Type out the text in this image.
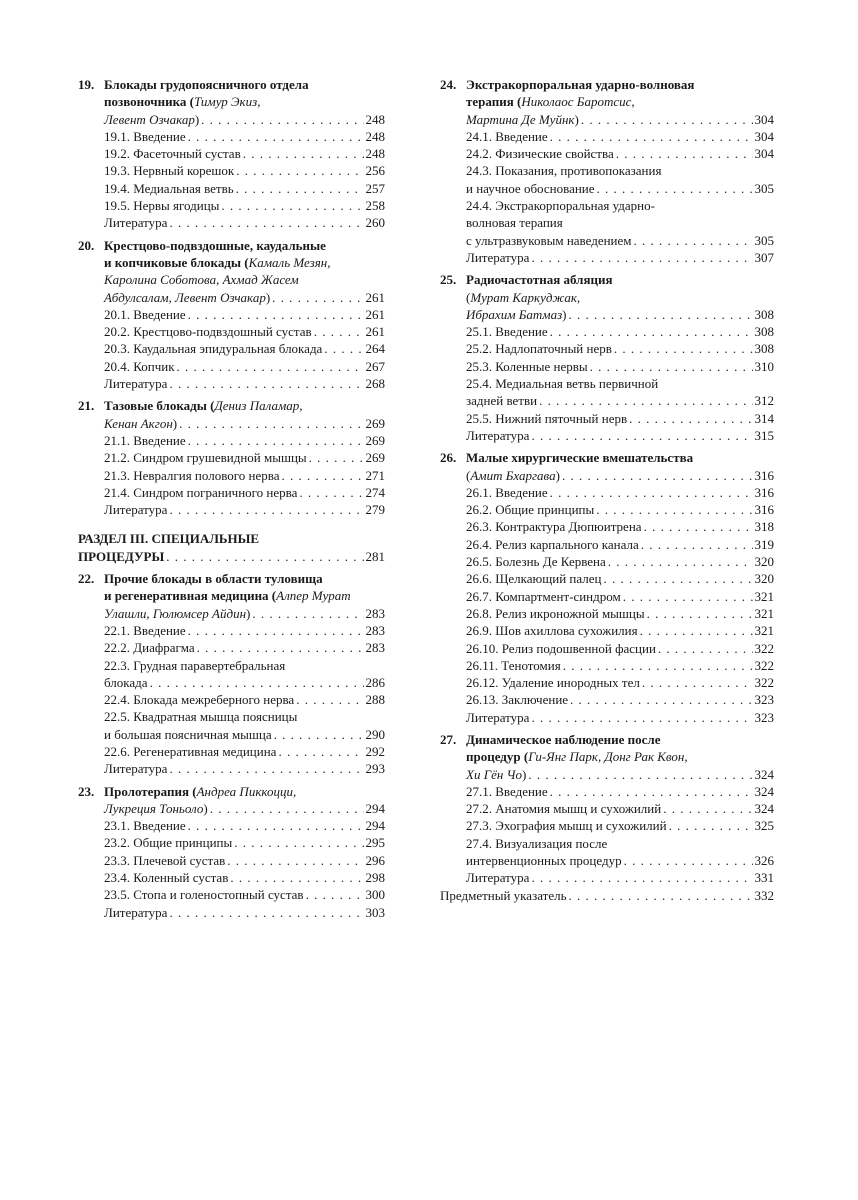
19. Блокады грудопоясничного отдела
позвоночника (Тимур Экиз,
Левент Озчакар) . . .	248
19.1. Введение . . .	248
19.2. Фасеточный сустав . . .	248
19.3. Нервный корешок . . .	256
19.4. Медиальная ветвь . . .	257
19.5. Нервы ягодицы . . .	258
Литература . . .	260
20. Крестцово-подвздошные, каудальные
и копчиковые блокады (Камаль Мезян,
Каролина Соботова, Ахмад Жасем
Абдулсалам, Левент Озчакар) . . .	261
20.1. Введение . . .	261
20.2. Крестцово-подвздошный сустав . . .	261
20.3. Каудальная эпидуральная блокада . . .	264
20.4. Копчик . . .	267
Литература . . .	268
21. Тазовые блокады (Дениз Паламар,
Кенан Акгон) . . .	269
21.1. Введение . . .	269
21.2. Синдром грушевидной мышцы . . .	269
21.3. Невралгия полового нерва . . .	271
21.4. Синдром пограничного нерва . . .	274
Литература . . .	279
РАЗДЕЛ III. СПЕЦИАЛЬНЫЕ
ПРОЦЕДУРЫ . . .	281
22. Прочие блокады в области туловища
и регенеративная медицина (Алпер Мурат
Улашли, Гюлюмсер Айдин) . . .	283
22.1. Введение . . .	283
22.2. Диафрагма . . .	283
22.3. Грудная паравертебральная
блокада . . .	286
22.4. Блокада межреберного нерва . . .	288
22.5. Квадратная мышца поясницы
и большая поясничная мышца . . .	290
22.6. Регенеративная медицина . . .	292
Литература . . .	293
23. Пролотерапия (Андреа Пиккоцци,
Лукреция Тоньоло) . . .	294
23.1. Введение . . .	294
23.2. Общие принципы . . .	295
23.3. Плечевой сустав . . .	296
23.4. Коленный сустав . . .	298
23.5. Стопа и голеностопный сустав . . .	300
Литература . . .	303
24. Экстракорпоральная ударно-волновая
терапия (Николаос Баротсис,
Мартина Де Муйнк) . . .	304
24.1. Введение . . .	304
24.2. Физические свойства . . .	304
24.3. Показания, противопоказания
и научное обоснование . . .	305
24.4. Экстракорпоральная ударно-
волновая терапия
с ультразвуковым наведением . . .	305
Литература . . .	307
25. Радиочастотная абляция
(Мурат Каркуджак,
Ибрахим Батмаз) . . .	308
25.1. Введение . . .	308
25.2. Надлопаточный нерв . . .	308
25.3. Коленные нервы . . .	310
25.4. Медиальная ветвь первичной
задней ветви . . .	312
25.5. Нижний пяточный нерв . . .	314
Литература . . .	315
26. Малые хирургические вмешательства
(Амит Бхаргава) . . .	316
26.1. Введение . . .	316
26.2. Общие принципы . . .	316
26.3. Контрактура Дюпюитрена . . .	318
26.4. Релиз карпального канала . . .	319
26.5. Болезнь Де Кервена . . .	320
26.6. Щелкающий палец . . .	320
26.7. Компартмент-синдром . . .	321
26.8. Релиз икроножной мышцы . . .	321
26.9. Шов ахиллова сухожилия . . .	321
26.10. Релиз подошвенной фасции . . .	322
26.11. Тенотомия . . .	322
26.12. Удаление инородных тел . . .	322
26.13. Заключение . . .	323
Литература . . .	323
27. Динамическое наблюдение после
процедур (Ги-Янг Парк, Донг Рак Квон,
Хи Гён Чо) . . .	324
27.1. Введение . . .	324
27.2. Анатомия мышц и сухожилий . . .	324
27.3. Эхография мышц и сухожилий . . .	325
27.4. Визуализация после
интервенционных процедур . . .	326
Литература . . .	331
Предметный указатель . . .	332
